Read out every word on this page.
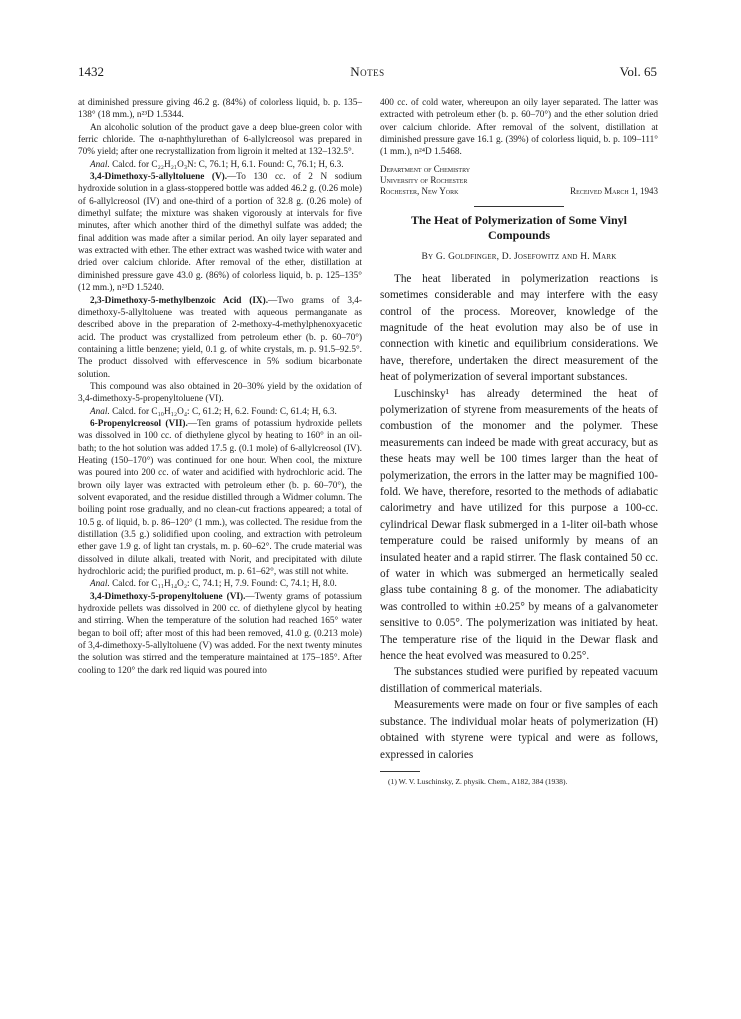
1432	Notes	Vol. 65

at diminished pressure giving 46.2 g. (84%) of colorless liquid, b. p. 135–138° (18 mm.), n²³D 1.5344.

An alcoholic solution of the product gave a deep blue-green color with ferric chloride. The α-naphthylurethan of 6-allylcreosol was prepared in 70% yield; after one recrystallization from ligroin it melted at 132–132.5°.

Anal. Calcd. for C₂₂H₂₁O₃N: C, 76.1; H, 6.1. Found: C, 76.1; H, 6.3.

3,4-Dimethoxy-5-allyltoluene (V).—To 130 cc. of 2 N sodium hydroxide solution in a glass-stoppered bottle was added 46.2 g. (0.26 mole) of 6-allylcreosol (IV) and one-third of a portion of 32.8 g. (0.26 mole) of dimethyl sulfate; the mixture was shaken vigorously at intervals for five minutes, after which another third of the dimethyl sulfate was added; the final addition was made after a similar period. An oily layer separated and was extracted with ether. The ether extract was washed twice with water and dried over calcium chloride. After removal of the ether, distillation at diminished pressure gave 43.0 g. (86%) of colorless liquid, b. p. 125–135° (12 mm.), n²³D 1.5240.

2,3-Dimethoxy-5-methylbenzoic Acid (IX).—Two grams of 3,4-dimethoxy-5-allyltoluene was treated with aqueous permanganate as described above in the preparation of 2-methoxy-4-methylphenoxyacetic acid. The product was crystallized from petroleum ether (b. p. 60–70°) containing a little benzene; yield, 0.1 g. of white crystals, m. p. 91.5–92.5°. The product dissolved with effervescence in 5% sodium bicarbonate solution.

This compound was also obtained in 20–30% yield by the oxidation of 3,4-dimethoxy-5-propenyltoluene (VI).

Anal. Calcd. for C₁₀H₁₂O₄: C, 61.2; H, 6.2. Found: C, 61.4; H, 6.3.

6-Propenylcreosol (VII).—Ten grams of potassium hydroxide pellets was dissolved in 100 cc. of diethylene glycol by heating to 160° in an oil-bath; to the hot solution was added 17.5 g. (0.1 mole) of 6-allylcreosol (IV). Heating (150–170°) was continued for one hour. When cool, the mixture was poured into 200 cc. of water and acidified with hydrochloric acid. The brown oily layer was extracted with petroleum ether (b. p. 60–70°), the solvent evaporated, and the residue distilled through a Widmer column. The boiling point rose gradually, and no clean-cut fractions appeared; a total of 10.5 g. of liquid, b. p. 86–120° (1 mm.), was collected. The residue from the distillation (3.5 g.) solidified upon cooling, and extraction with petroleum ether gave 1.9 g. of light tan crystals, m. p. 60–62°. The crude material was dissolved in dilute alkali, treated with Norit, and precipitated with dilute hydrochloric acid; the purified product, m. p. 61–62°, was still not white.

Anal. Calcd. for C₁₁H₁₄O₂: C, 74.1; H, 7.9. Found: C, 74.1; H, 8.0.

3,4-Dimethoxy-5-propenyltoluene (VI).—Twenty grams of potassium hydroxide pellets was dissolved in 200 cc. of diethylene glycol by heating and stirring. When the temperature of the solution had reached 165° water began to boil off; after most of this had been removed, 41.0 g. (0.213 mole) of 3,4-dimethoxy-5-allyltoluene (V) was added. For the next twenty minutes the solution was stirred and the temperature maintained at 175–185°. After cooling to 120° the dark red liquid was poured into

400 cc. of cold water, whereupon an oily layer separated. The latter was extracted with petroleum ether (b. p. 60–70°) and the ether solution dried over calcium chloride. After removal of the solvent, distillation at diminished pressure gave 16.1 g. (39%) of colorless liquid, b. p. 109–111° (1 mm.), n²⁴D 1.5468.

Department of Chemistry
University of Rochester
Rochester, New York	Received March 1, 1943
The Heat of Polymerization of Some Vinyl Compounds
By G. Goldfinger, D. Josefowitz and H. Mark

The heat liberated in polymerization reactions is sometimes considerable and may interfere with the easy control of the process. Moreover, knowledge of the magnitude of the heat evolution may also be of use in connection with kinetic and equilibrium considerations. We have, therefore, undertaken the direct measurement of the heat of polymerization of several important substances.

Luschinsky¹ has already determined the heat of polymerization of styrene from measurements of the heats of combustion of the monomer and the polymer. These measurements can indeed be made with great accuracy, but as these heats may well be 100 times larger than the heat of polymerization, the errors in the latter may be magnified 100-fold. We have, therefore, resorted to the methods of adiabatic calorimetry and have utilized for this purpose a 100-cc. cylindrical Dewar flask submerged in a 1-liter oil-bath whose temperature could be raised uniformly by means of an insulated heater and a rapid stirrer. The flask contained 50 cc. of water in which was submerged an hermetically sealed glass tube containing 8 g. of the monomer. The adiabaticity was controlled to within ±0.25° by means of a galvanometer sensitive to 0.05°. The polymerization was initiated by heat. The temperature rise of the liquid in the Dewar flask and hence the heat evolved was measured to 0.25°.

The substances studied were purified by repeated vacuum distillation of commerical materials.

Measurements were made on four or five samples of each substance. The individual molar heats of polymerization (H) obtained with styrene were typical and were as follows, expressed in calories

(1) W. V. Luschinsky, Z. physik. Chem., A182, 384 (1938).
